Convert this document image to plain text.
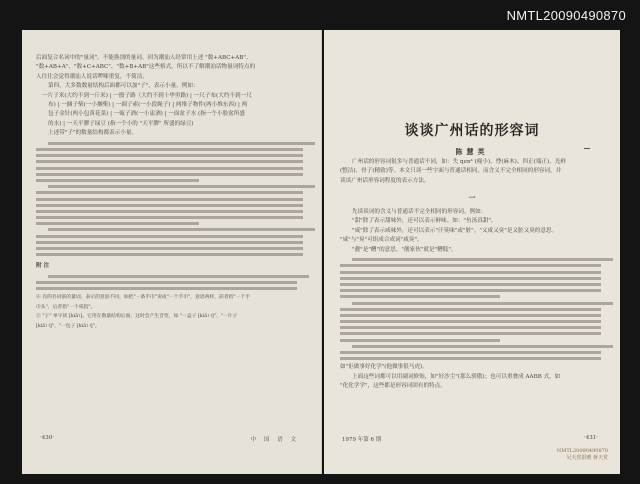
NMTL20090490870
后面复合名词中的"量词"，不能换别的量词。因为潮汕人经常用上述 "数+ABC+AB"、
"数+AB+A"、"数+C+ABC"、"数+B+AB"这些格式，所以不了解潮汕话物量词特点的
人往往会觉得潮汕人说话啰嗦重复，不简洁。
第四，大多数数量结构后面都可以加"子"，表示小量。例如：
一片子米(大约不到一斤米) | 一骰子路（大约不到十华里路) | 一尺子布(大约不到一尺
布) | 一捆子柴(一小捆柴) | 一圆子索(一小段绳子) | 两堆子物件(两小堆东西) | 两
包子金针(两小包黄花菜) | 一瓯子酒(一小盅酒) | 一面盆子水 (指一个小脸盆所盛
的水) | 一天平膠子绿豆 (指一个小的 "天平膠" 所盛的绿豆)
上述带"子"的数量结构都表示小量。
附 注
④ 有的名词前的量词，表示的意思不同，如把"一条手巾"说成"一个手巾"，意思两样，前者指"一个手
巾头"，后者指"一个戒指"。
⑤ "子" 单字读 [kiã˥]。它用在数量结构后面，这时会产生音变，如 "一盒子 [kiã˥˧]"、"一片子
[kiã˥˧]"、"一包子 [kiã˥˧]"。
·430·	中 国 语 文
谈谈广州话的形容词
陈慧英
广州话的形容词很多与普通话不同，如：失 qen⁴ (瘦小)、悸(麻木)、四正(端正)、光鲜
(整洁)、骨子(精致)等。本文只谈一些字面与普通话相同，而含义不完全相同的形容词，并
谈谈广州话形容词程度的表示方法。
一
先谈谈词的含义与普通话不完全相同的形容词。例如：
"甜"除了表示甜味外，还可以表示鲜味。如："鱼汤真甜"。
"咸"除了表示咸味外，还可以表示"汗臭味"或"脏"。"又咸又臭"是又脏又臭的意思。
"咸"与"臭"可组成合成词"咸臭"。
"靓"是"糟"的意思。"靓家伙"就是"糟糕"。
如"佢做事好化学"(他做事很马虎)。
上面这些词都可以用副词修饰，如"好沙尘"(那么骄傲)；也可以重叠成 AABB 式，如
"化化学学"，这些都是形容词固有的特点。
1979 年第 6 期	·431·
NMTL20090490870
吴天赏捐赠 蒋天赏
